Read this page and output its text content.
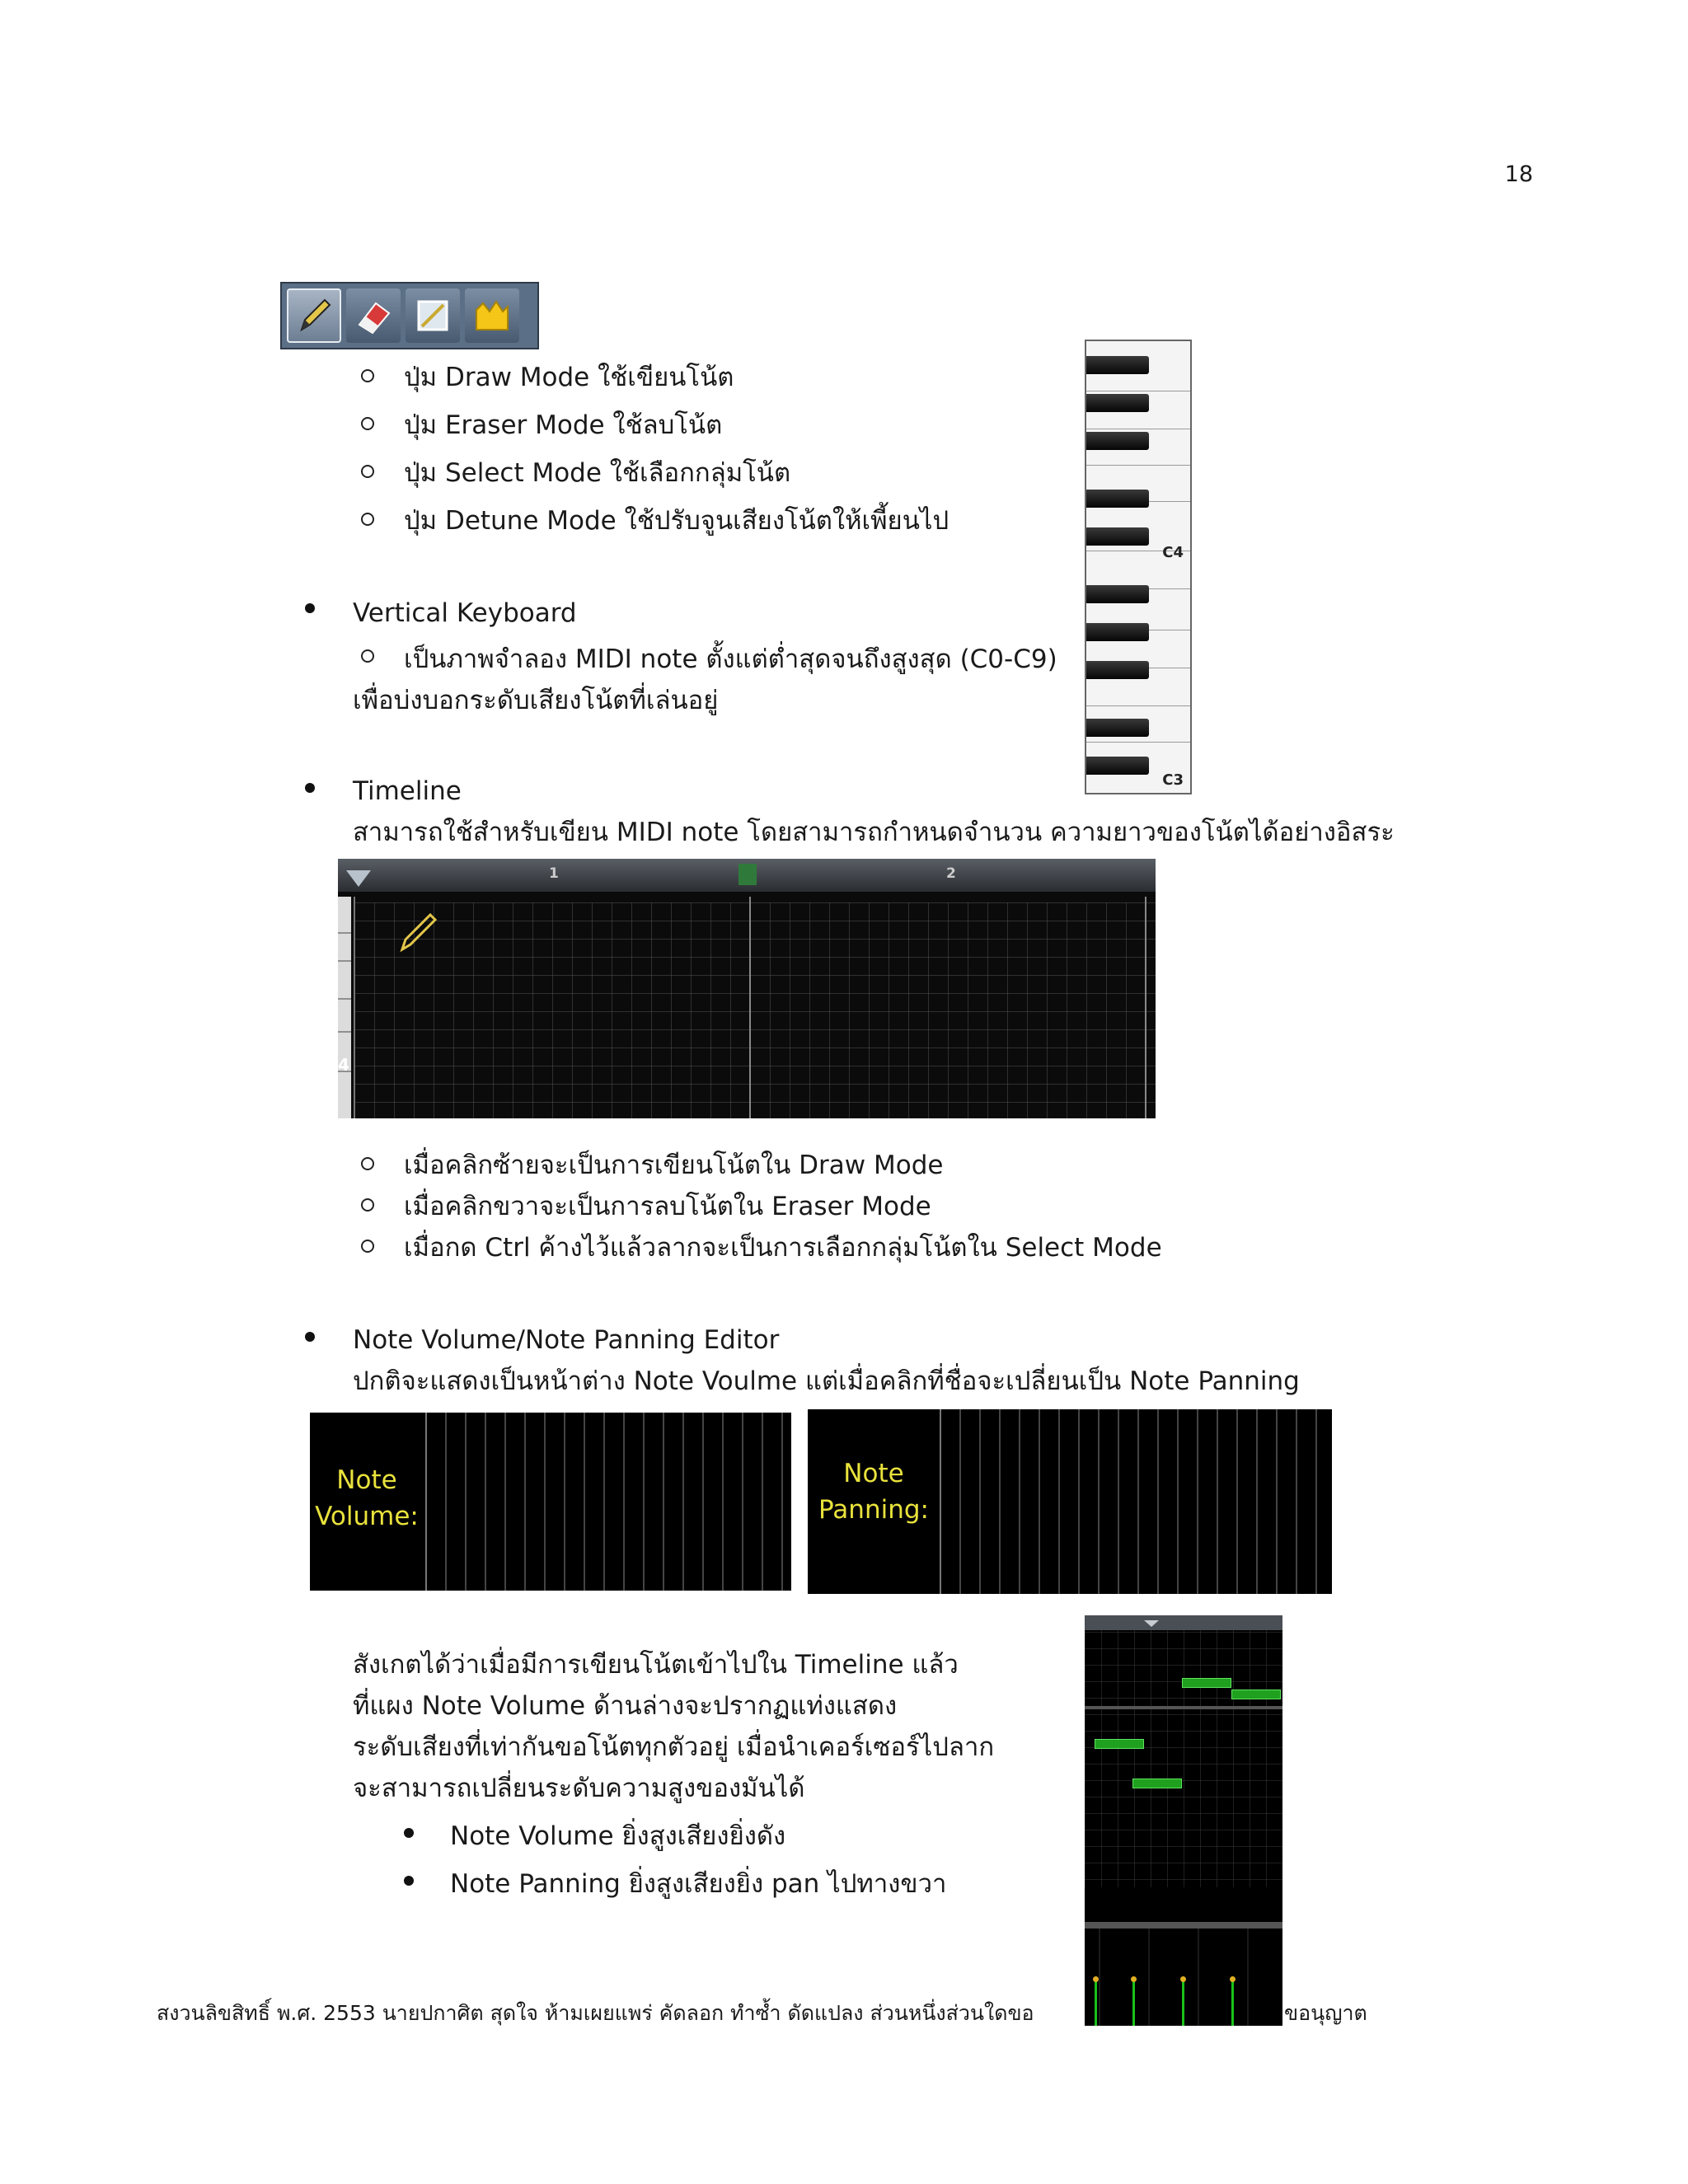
18
ปุ่ม Draw Mode ใช้เขียนโน้ต
ปุ่ม Eraser Mode ใช้ลบโน้ต
ปุ่ม Select Mode ใช้เลือกกลุ่มโน้ต
ปุ่ม Detune Mode ใช้ปรับจูนเสียงโน้ตให้เพี้ยนไป
C4
C3
Vertical Keyboard
เป็นภาพจำลอง MIDI note ตั้งแต่ต่ำสุดจนถึงสูงสุด (C0-C9)
เพื่อบ่งบอกระดับเสียงโน้ตที่เล่นอยู่
Timeline
สามารถใช้สำหรับเขียน MIDI note โดยสามารถกำหนดจำนวน ความยาวของโน้ตได้อย่างอิสระ
1	2
4
เมื่อคลิกซ้ายจะเป็นการเขียนโน้ตใน Draw Mode
เมื่อคลิกขวาจะเป็นการลบโน้ตใน Eraser Mode
เมื่อกด Ctrl ค้างไว้แล้วลากจะเป็นการเลือกกลุ่มโน้ตใน Select Mode
Note Volume/Note Panning Editor
ปกติจะแสดงเป็นหน้าต่าง Note Voulme แต่เมื่อคลิกที่ชื่อจะเปลี่ยนเป็น Note Panning
Note
Volume:
Note
Panning:
สังเกตได้ว่าเมื่อมีการเขียนโน้ตเข้าไปใน Timeline แล้ว
ที่แผง Note Volume ด้านล่างจะปรากฏแท่งแสดง
ระดับเสียงที่เท่ากันขอโน้ตทุกตัวอยู่ เมื่อนำเคอร์เซอร์ไปลาก
จะสามารถเปลี่ยนระดับความสูงของมันได้
Note Volume ยิ่งสูงเสียงยิ่งดัง
Note Panning ยิ่งสูงเสียงยิ่ง pan ไปทางขวา
สงวนลิขสิทธิ์ พ.ศ. 2553 นายปกาศิต สุดใจ ห้ามเผยแพร่ คัดลอก ทำซ้ำ ดัดแปลง ส่วนหนึ่งส่วนใดขอ	ขอนุญาต
